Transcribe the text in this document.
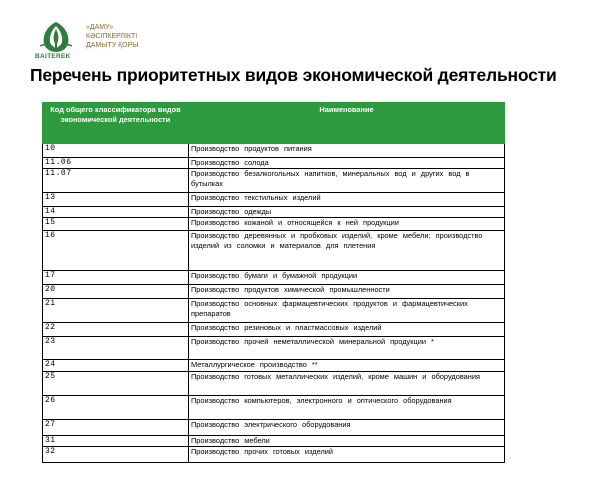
BAITEREK
«ДАМУ»
КӘСІПКЕРЛІКТІ
ДАМЫТУ ҚОРЫ
Перечень приоритетных видов экономической деятельности
Код общего классификатора видов экономической деятельности	Наименование
10	Производство продуктов питания
11.06	Производство солода
11.07	Производство безалкогольных напитков, минеральных вод и других вод в бутылках
13	Производство текстильных изделий
14	Производство одежды
15	Производство кожаной и относящейся к ней продукции
16	Производство деревянных и пробковых изделий, кроме мебели; производство изделий из соломки и материалов для плетения
17	Производство бумаги и бумажной продукции
20	Производство продуктов химической промышленности
21	Производство основных фармацевтических продуктов и фармацевтических препаратов
22	Производство резиновых и пластмассовых изделий
23	Производство прочей неметаллической минеральной продукции *
24	Металлургическое производство **
25	Производство готовых металлических изделий, кроме машин и оборудования
26	Производство компьютеров, электронного и оптического оборудования
27	Производство электрического оборудования
31	Производство мебели
32	Производство прочих готовых изделий
